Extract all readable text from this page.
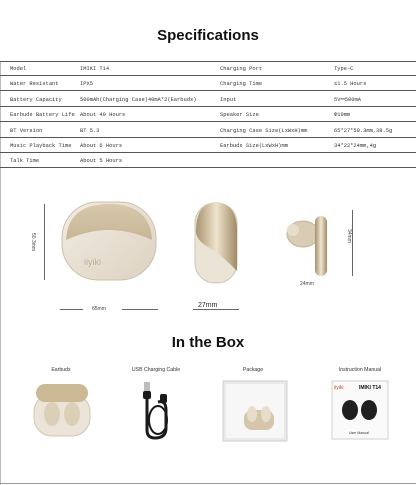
Specifications
Model	IMIKI T14	Charging Port	Type-C
Water Resistant	IPX5	Charging Time	≤1.5 Hours
Battery Capacity	500mAh(Charging Case)40mA*2(Earbuds)	Input	5V⎓500mA
Earbuds Battery Life About 40 Hours	Speaker Size	Φ10mm
BT Version	BT 5.3	Charging Case Size(LxWxH)mm	65*27*50.3mm,38.5g
Music Playback Time About 6 Hours	Earbuds Size(LxWxH)mm	34*22*24mm,4g
Talk Time	About 5 Hours
50.3mm
iiyiki
65mm	27mm
34mm
24mm
In the Box
Earbuds	USB Charging Cable	Package	Instruction Manual
iiyiki	IMIKI T14
User Manual
